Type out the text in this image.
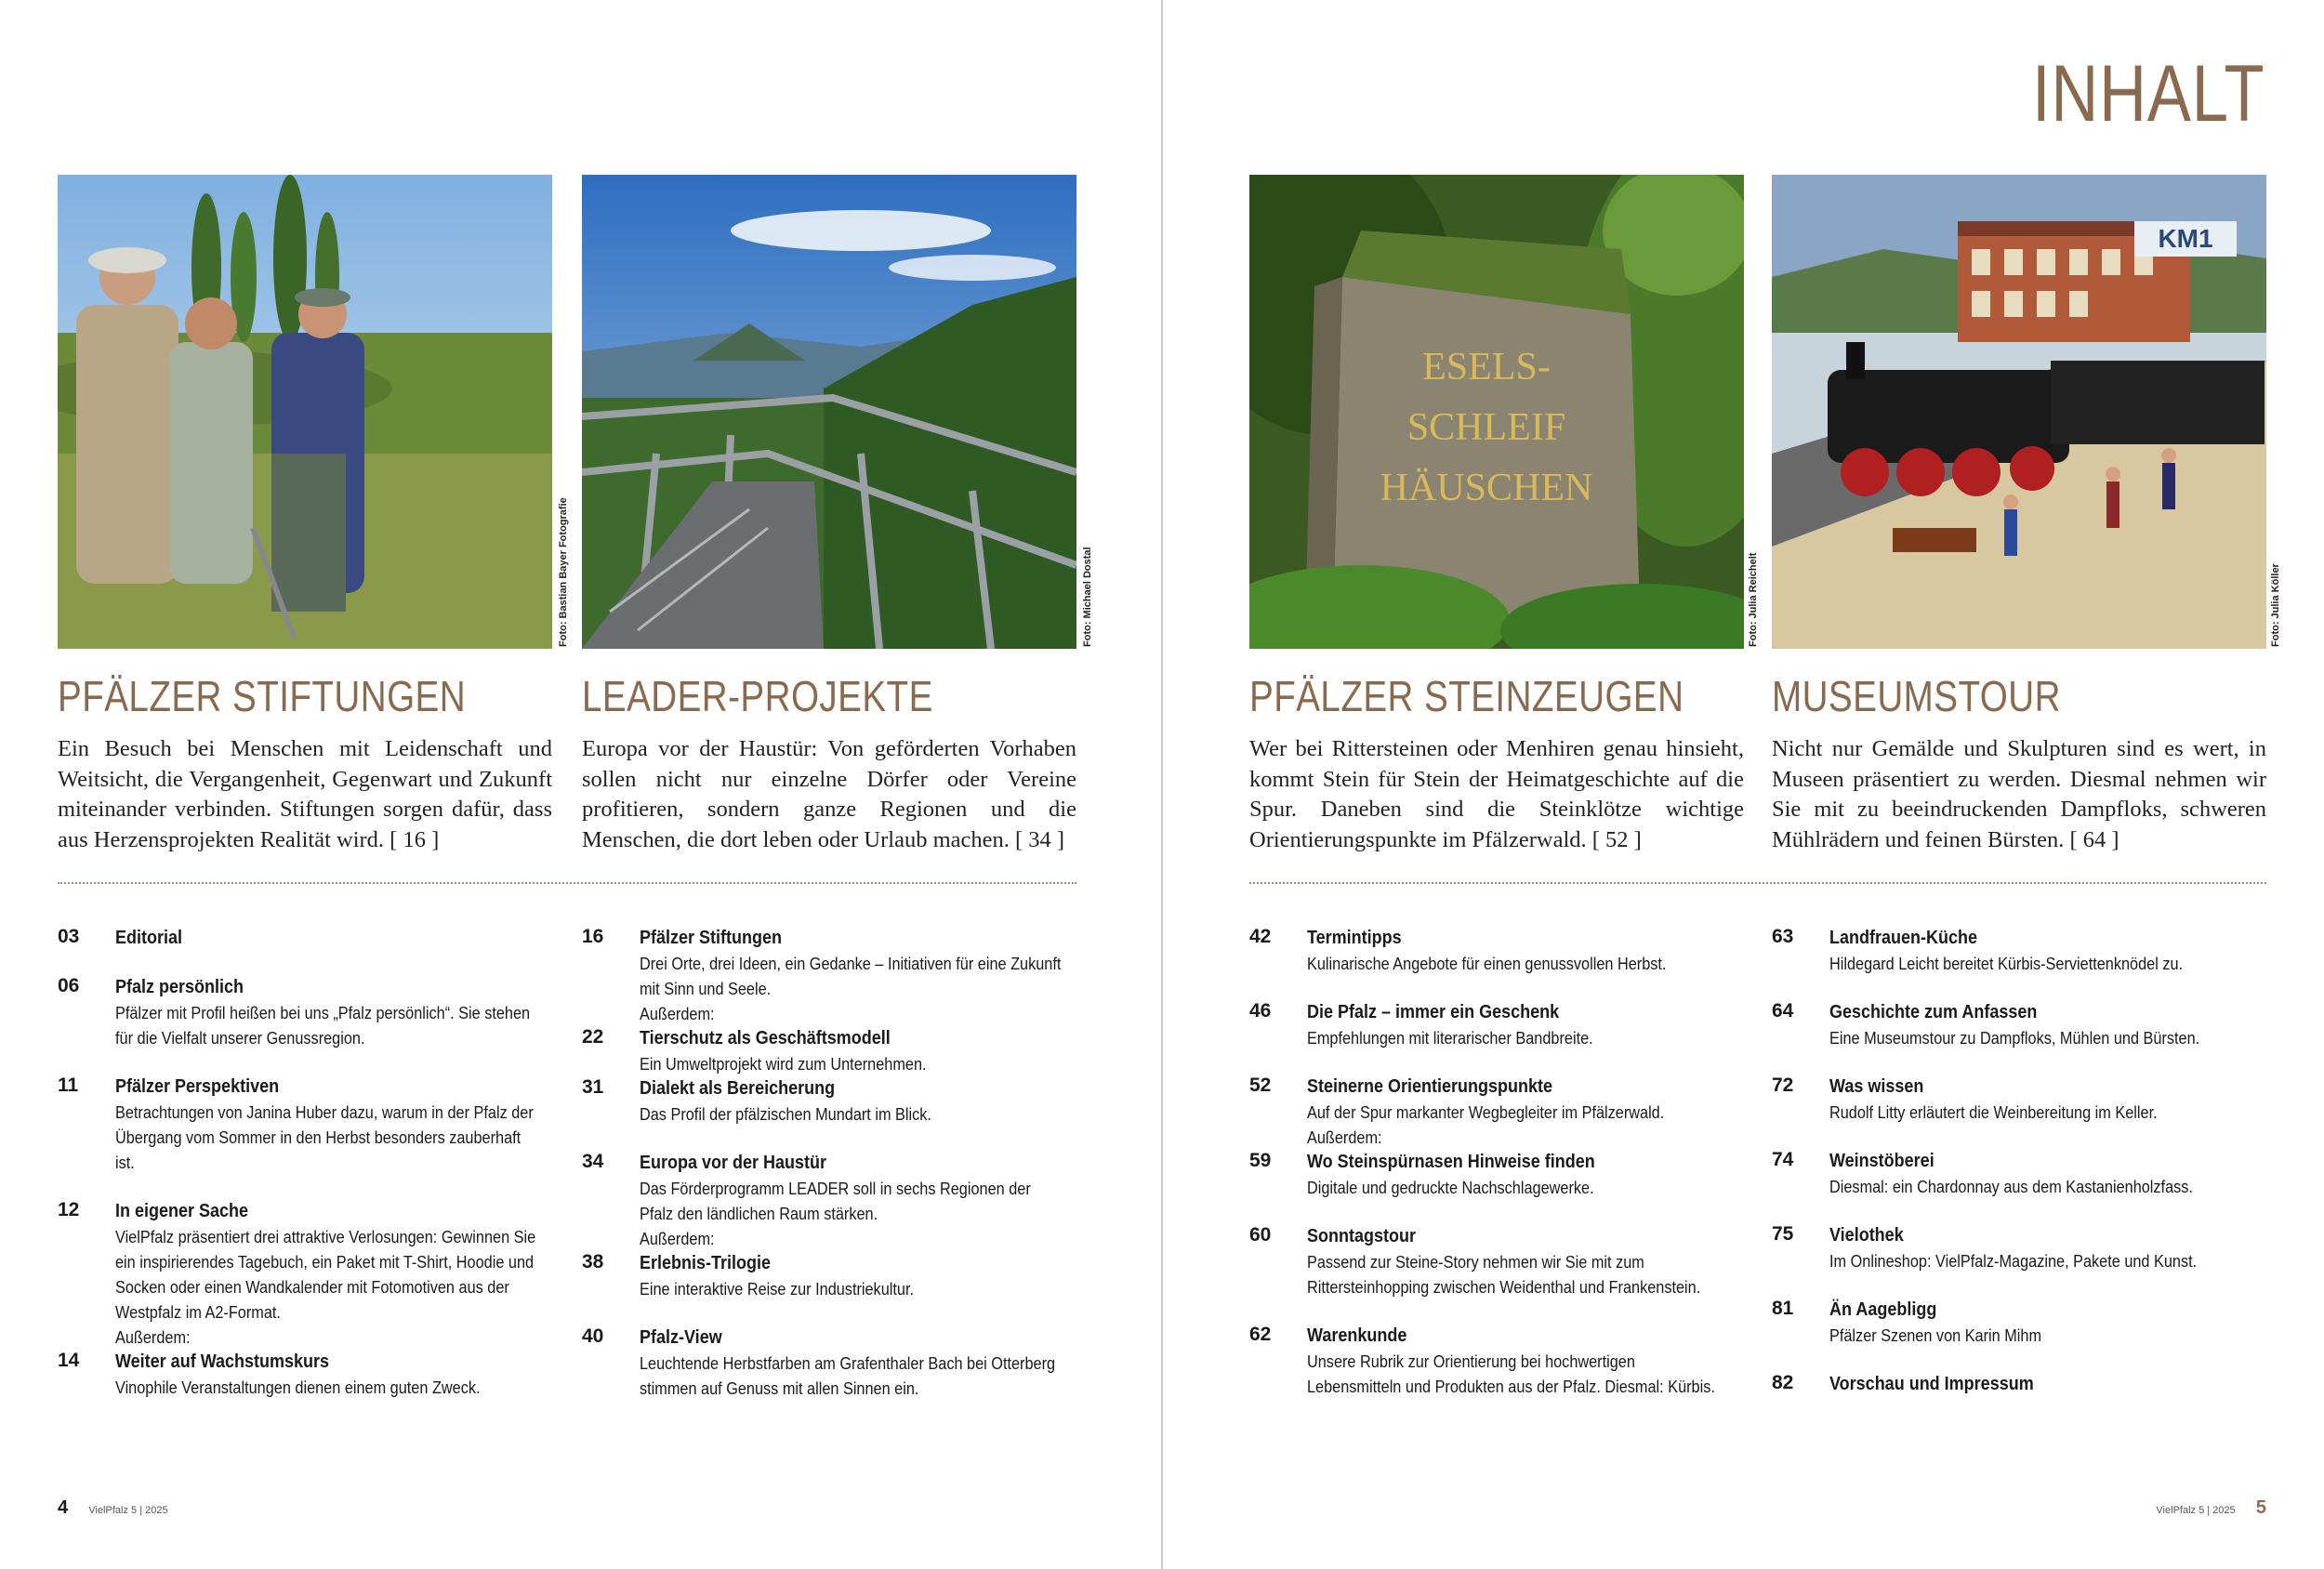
INHALT
Foto: Bastian Bayer Fotografie	Foto: Michael Dostal
ESELS-
SCHLEIF
HÄUSCHEN
Foto: Julia Reichelt
KM1
Foto: Julia Köller
PFÄLZER STIFTUNGEN	LEADER-PROJEKTE	PFÄLZER STEINZEUGEN MUSEUMSTOUR
Ein Besuch bei Menschen mit Leidenschaft und Weitsicht, die Vergangenheit, Gegenwart und Zukunft miteinander verbinden. Stiftungen sorgen dafür, dass aus Herzensprojekten Realität wird. [ 16 ]
Europa vor der Haustür: Von geförderten Vorhaben sollen nicht nur einzelne Dörfer oder Vereine profitieren, sondern ganze Regionen und die Menschen, die dort leben oder Urlaub machen. [ 34 ]
Wer bei Rittersteinen oder Menhiren genau hinsieht, kommt Stein für Stein der Heimatgeschichte auf die Spur. Daneben sind die Steinklötze wichtige Orientierungspunkte im Pfälzerwald. [ 52 ]
Nicht nur Gemälde und Skulpturen sind es wert, in Museen präsentiert zu werden. Diesmal nehmen wir Sie mit zu beeindruckenden Dampfloks, schweren Mühlrädern und feinen Bürsten. [ 64 ]
03 Editorial
06 Pfalz persönlich
Pfälzer mit Profil heißen bei uns „Pfalz persönlich“. Sie stehen für die Vielfalt unserer Genussregion.
11 Pfälzer Perspektiven
Betrachtungen von Janina Huber dazu, warum in der Pfalz der Übergang vom Sommer in den Herbst besonders zauberhaft ist.
12 In eigener Sache
VielPfalz präsentiert drei attraktive Verlosungen: Gewinnen Sie ein inspirierendes Tagebuch, ein Paket mit T-Shirt, Hoodie und Socken oder einen Wandkalender mit Fotomotiven aus der Westpfalz im A2-Format.
Außerdem:
14 Weiter auf Wachstumskurs
Vinophile Veranstaltungen dienen einem guten Zweck.
16 Pfälzer Stiftungen
Drei Orte, drei Ideen, ein Gedanke – Initiativen für eine Zukunft mit Sinn und Seele.
Außerdem:
22 Tierschutz als Geschäftsmodell
Ein Umweltprojekt wird zum Unternehmen.
31 Dialekt als Bereicherung
Das Profil der pfälzischen Mundart im Blick.
34 Europa vor der Haustür
Das Förderprogramm LEADER soll in sechs Regionen der Pfalz den ländlichen Raum stärken.
Außerdem:
38 Erlebnis-Trilogie
Eine interaktive Reise zur Industriekultur.
40 Pfalz-View
Leuchtende Herbstfarben am Grafenthaler Bach bei Otterberg stimmen auf Genuss mit allen Sinnen ein.
42 Termintipps
Kulinarische Angebote für einen genussvollen Herbst.
46 Die Pfalz – immer ein Geschenk
Empfehlungen mit literarischer Bandbreite.
52 Steinerne Orientierungspunkte
Auf der Spur markanter Wegbegleiter im Pfälzerwald.
Außerdem:
59 Wo Steinspürnasen Hinweise finden
Digitale und gedruckte Nachschlagewerke.
60 Sonntagstour
Passend zur Steine-Story nehmen wir Sie mit zum Rittersteinhopping zwischen Weidenthal und Frankenstein.
62 Warenkunde
Unsere Rubrik zur Orientierung bei hochwertigen Lebensmitteln und Produkten aus der Pfalz. Diesmal: Kürbis.
63 Landfrauen-Küche
Hildegard Leicht bereitet Kürbis-Serviettenknödel zu.
64 Geschichte zum Anfassen
Eine Museumstour zu Dampfloks, Mühlen und Bürsten.
72 Was wissen
Rudolf Litty erläutert die Weinbereitung im Keller.
74 Weinstöberei
Diesmal: ein Chardonnay aus dem Kastanienholzfass.
75 Vielothek
Im Onlineshop: VielPfalz-Magazine, Pakete und Kunst.
81 Än Aagebligg
Pfälzer Szenen von Karin Mihm
82 Vorschau und Impressum
4 VielPfalz 5 | 2025	VielPfalz 5 | 2025 5
